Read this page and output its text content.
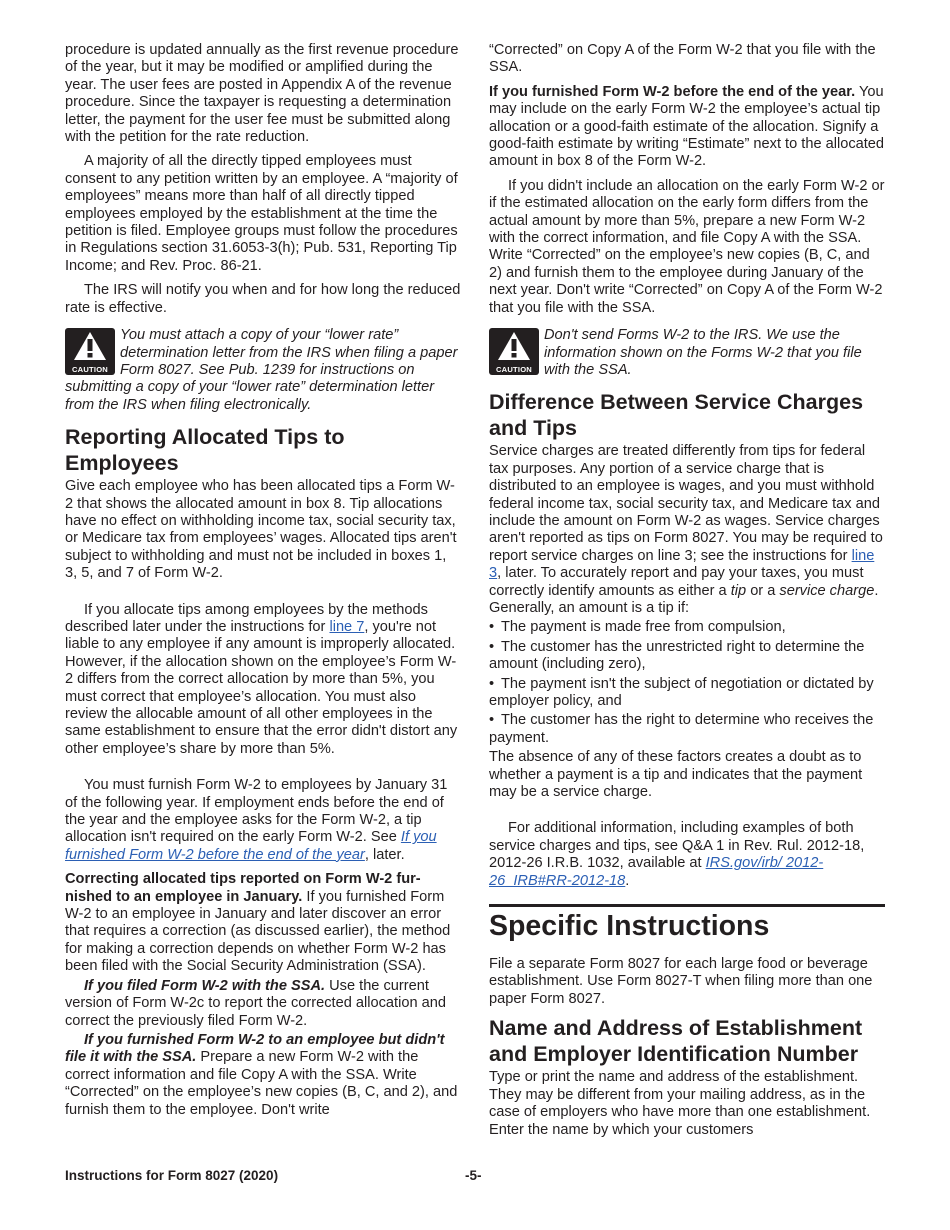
procedure is updated annually as the first revenue procedure of the year, but it may be modified or amplified during the year. The user fees are posted in Appendix A of the revenue procedure. Since the taxpayer is requesting a determination letter, the payment for the user fee must be submitted along with the petition for the rate reduction.

A majority of all the directly tipped employees must consent to any petition written by an employee. A “majority of employees” means more than half of all directly tipped employees employed by the establishment at the time the petition is filed. Employee groups must follow the procedures in Regulations section 31.6053-3(h); Pub. 531, Reporting Tip Income; and Rev. Proc. 86-21.

The IRS will notify you when and for how long the reduced rate is effective.

CAUTION
You must attach a copy of your “lower rate” determination letter from the IRS when filing a paper Form 8027. See Pub. 1239 for instructions on submitting a copy of your “lower rate” determination letter from the IRS when filing electronically.
Reporting Allocated Tips to Employees

Give each employee who has been allocated tips a Form W-2 that shows the allocated amount in box 8. Tip allocations have no effect on withholding income tax, social security tax, or Medicare tax from employees’ wages. Allocated tips aren't subject to withholding and must not be included in boxes 1, 3, 5, and 7 of Form W-2.

If you allocate tips among employees by the methods described later under the instructions for line 7, you're not liable to any employee if any amount is improperly allocated. However, if the allocation shown on the employee’s Form W-2 differs from the correct allocation by more than 5%, you must correct that employee’s allocation. You must also review the allocable amount of all other employees in the same establishment to ensure that the error didn't distort any other employee’s share by more than 5%.

You must furnish Form W-2 to employees by January 31 of the following year. If employment ends before the end of the year and the employee asks for the Form W-2, a tip allocation isn't required on the early Form W-2. See If you furnished Form W-2 before the end of the year, later.

Correcting allocated tips reported on Form W-2 fur-nished to an employee in January. If you furnished Form W-2 to an employee in January and later discover an error that requires a correction (as discussed earlier), the method for making a correction depends on whether Form W-2 has been filed with the Social Security Administration (SSA).

If you filed Form W-2 with the SSA. Use the current version of Form W-2c to report the corrected allocation and correct the previously filed Form W-2.

If you furnished Form W-2 to an employee but didn't file it with the SSA. Prepare a new Form W-2 with the correct information and file Copy A with the SSA. Write “Corrected” on the employee’s new copies (B, C, and 2), and furnish them to the employee. Don't write

“Corrected” on Copy A of the Form W-2 that you file with the SSA.

If you furnished Form W-2 before the end of the year. You may include on the early Form W-2 the employee’s actual tip allocation or a good-faith estimate of the allocation. Signify a good-faith estimate by writing “Estimate” next to the allocated amount in box 8 of the Form W-2.

If you didn't include an allocation on the early Form W-2 or if the estimated allocation on the early form differs from the actual amount by more than 5%, prepare a new Form W-2 with the correct information, and file Copy A with the SSA. Write “Corrected” on the employee’s new copies (B, C, and 2) and furnish them to the employee during January of the next year. Don't write “Corrected” on Copy A of the Form W-2 that you file with the SSA.

CAUTION
Don't send Forms W-2 to the IRS. We use the information shown on the Forms W-2 that you file with the SSA.
Difference Between Service Charges and Tips

Service charges are treated differently from tips for federal tax purposes. Any portion of a service charge that is distributed to an employee is wages, and you must withhold federal income tax, social security tax, and Medicare tax and include the amount on Form W-2 as wages. Service charges aren't reported as tips on Form 8027. You may be required to report service charges on line 3; see the instructions for line 3, later. To accurately report and pay your taxes, you must correctly identify amounts as either a tip or a service charge. Generally, an amount is a tip if:

• The payment is made free from compulsion,
• The customer has the unrestricted right to determine the amount (including zero),
• The payment isn't the subject of negotiation or dictated by employer policy, and
• The customer has the right to determine who receives the payment.

The absence of any of these factors creates a doubt as to whether a payment is a tip and indicates that the payment may be a service charge.

For additional information, including examples of both service charges and tips, see Q&A 1 in Rev. Rul. 2012-18, 2012-26 I.R.B. 1032, available at IRS.gov/irb/ 2012-26_IRB#RR-2012-18.

Specific Instructions

File a separate Form 8027 for each large food or beverage establishment. Use Form 8027-T when filing more than one paper Form 8027.

Name and Address of Establishment and Employer Identification Number

Type or print the name and address of the establishment. They may be different from your mailing address, as in the case of employers who have more than one establishment. Enter the name by which your customers

Instructions for Form 8027 (2020)	-5-
